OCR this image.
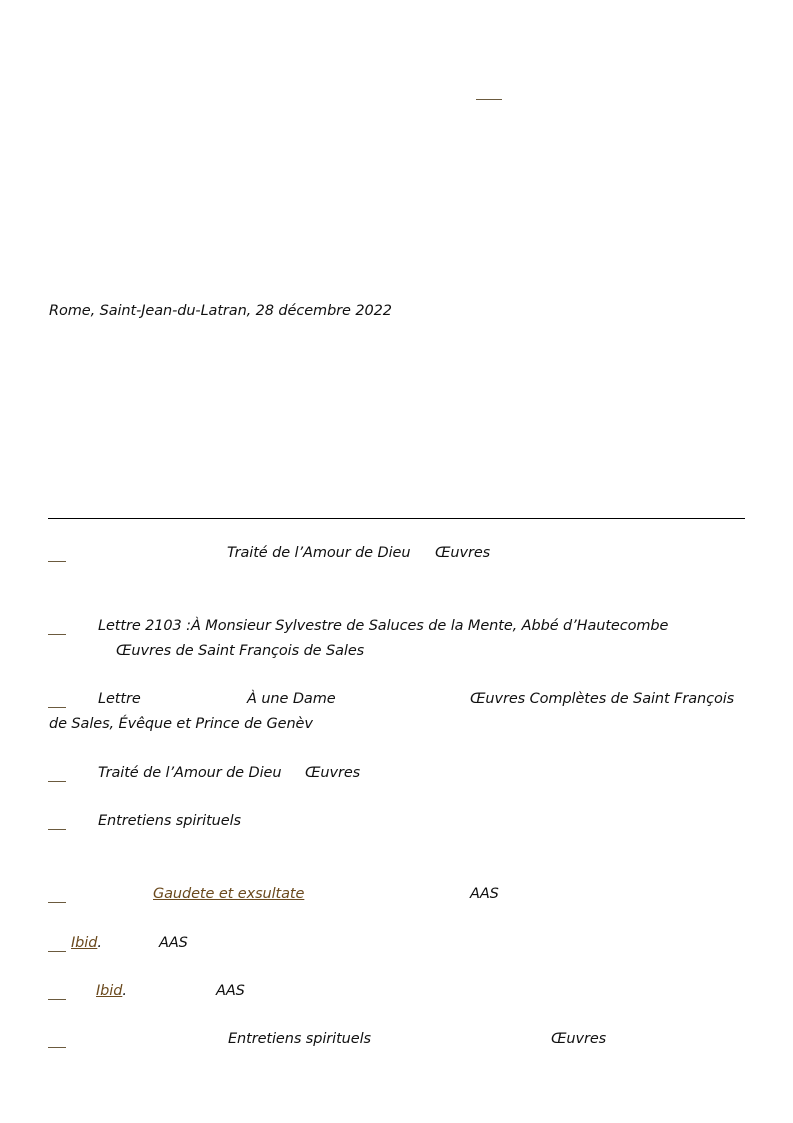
Rome, Saint-Jean-du-Latran, 28 décembre 2022
Traité de l’Amour de Dieu Œuvres
Lettre 2103 :À Monsieur Sylvestre de Saluces de la Mente, Abbé d’Hautecombe
Œuvres de Saint François de Sales
Lettre	À une Dame	Œuvres Complètes de Saint François
de Sales, Évêque et Prince de Genèv
Traité de l’Amour de Dieu Œuvres
Entretiens spirituels
Gaudete et exsultate	AAS
Ibid.	AAS
Ibid.	AAS
Entretiens spirituels	Œuvres
